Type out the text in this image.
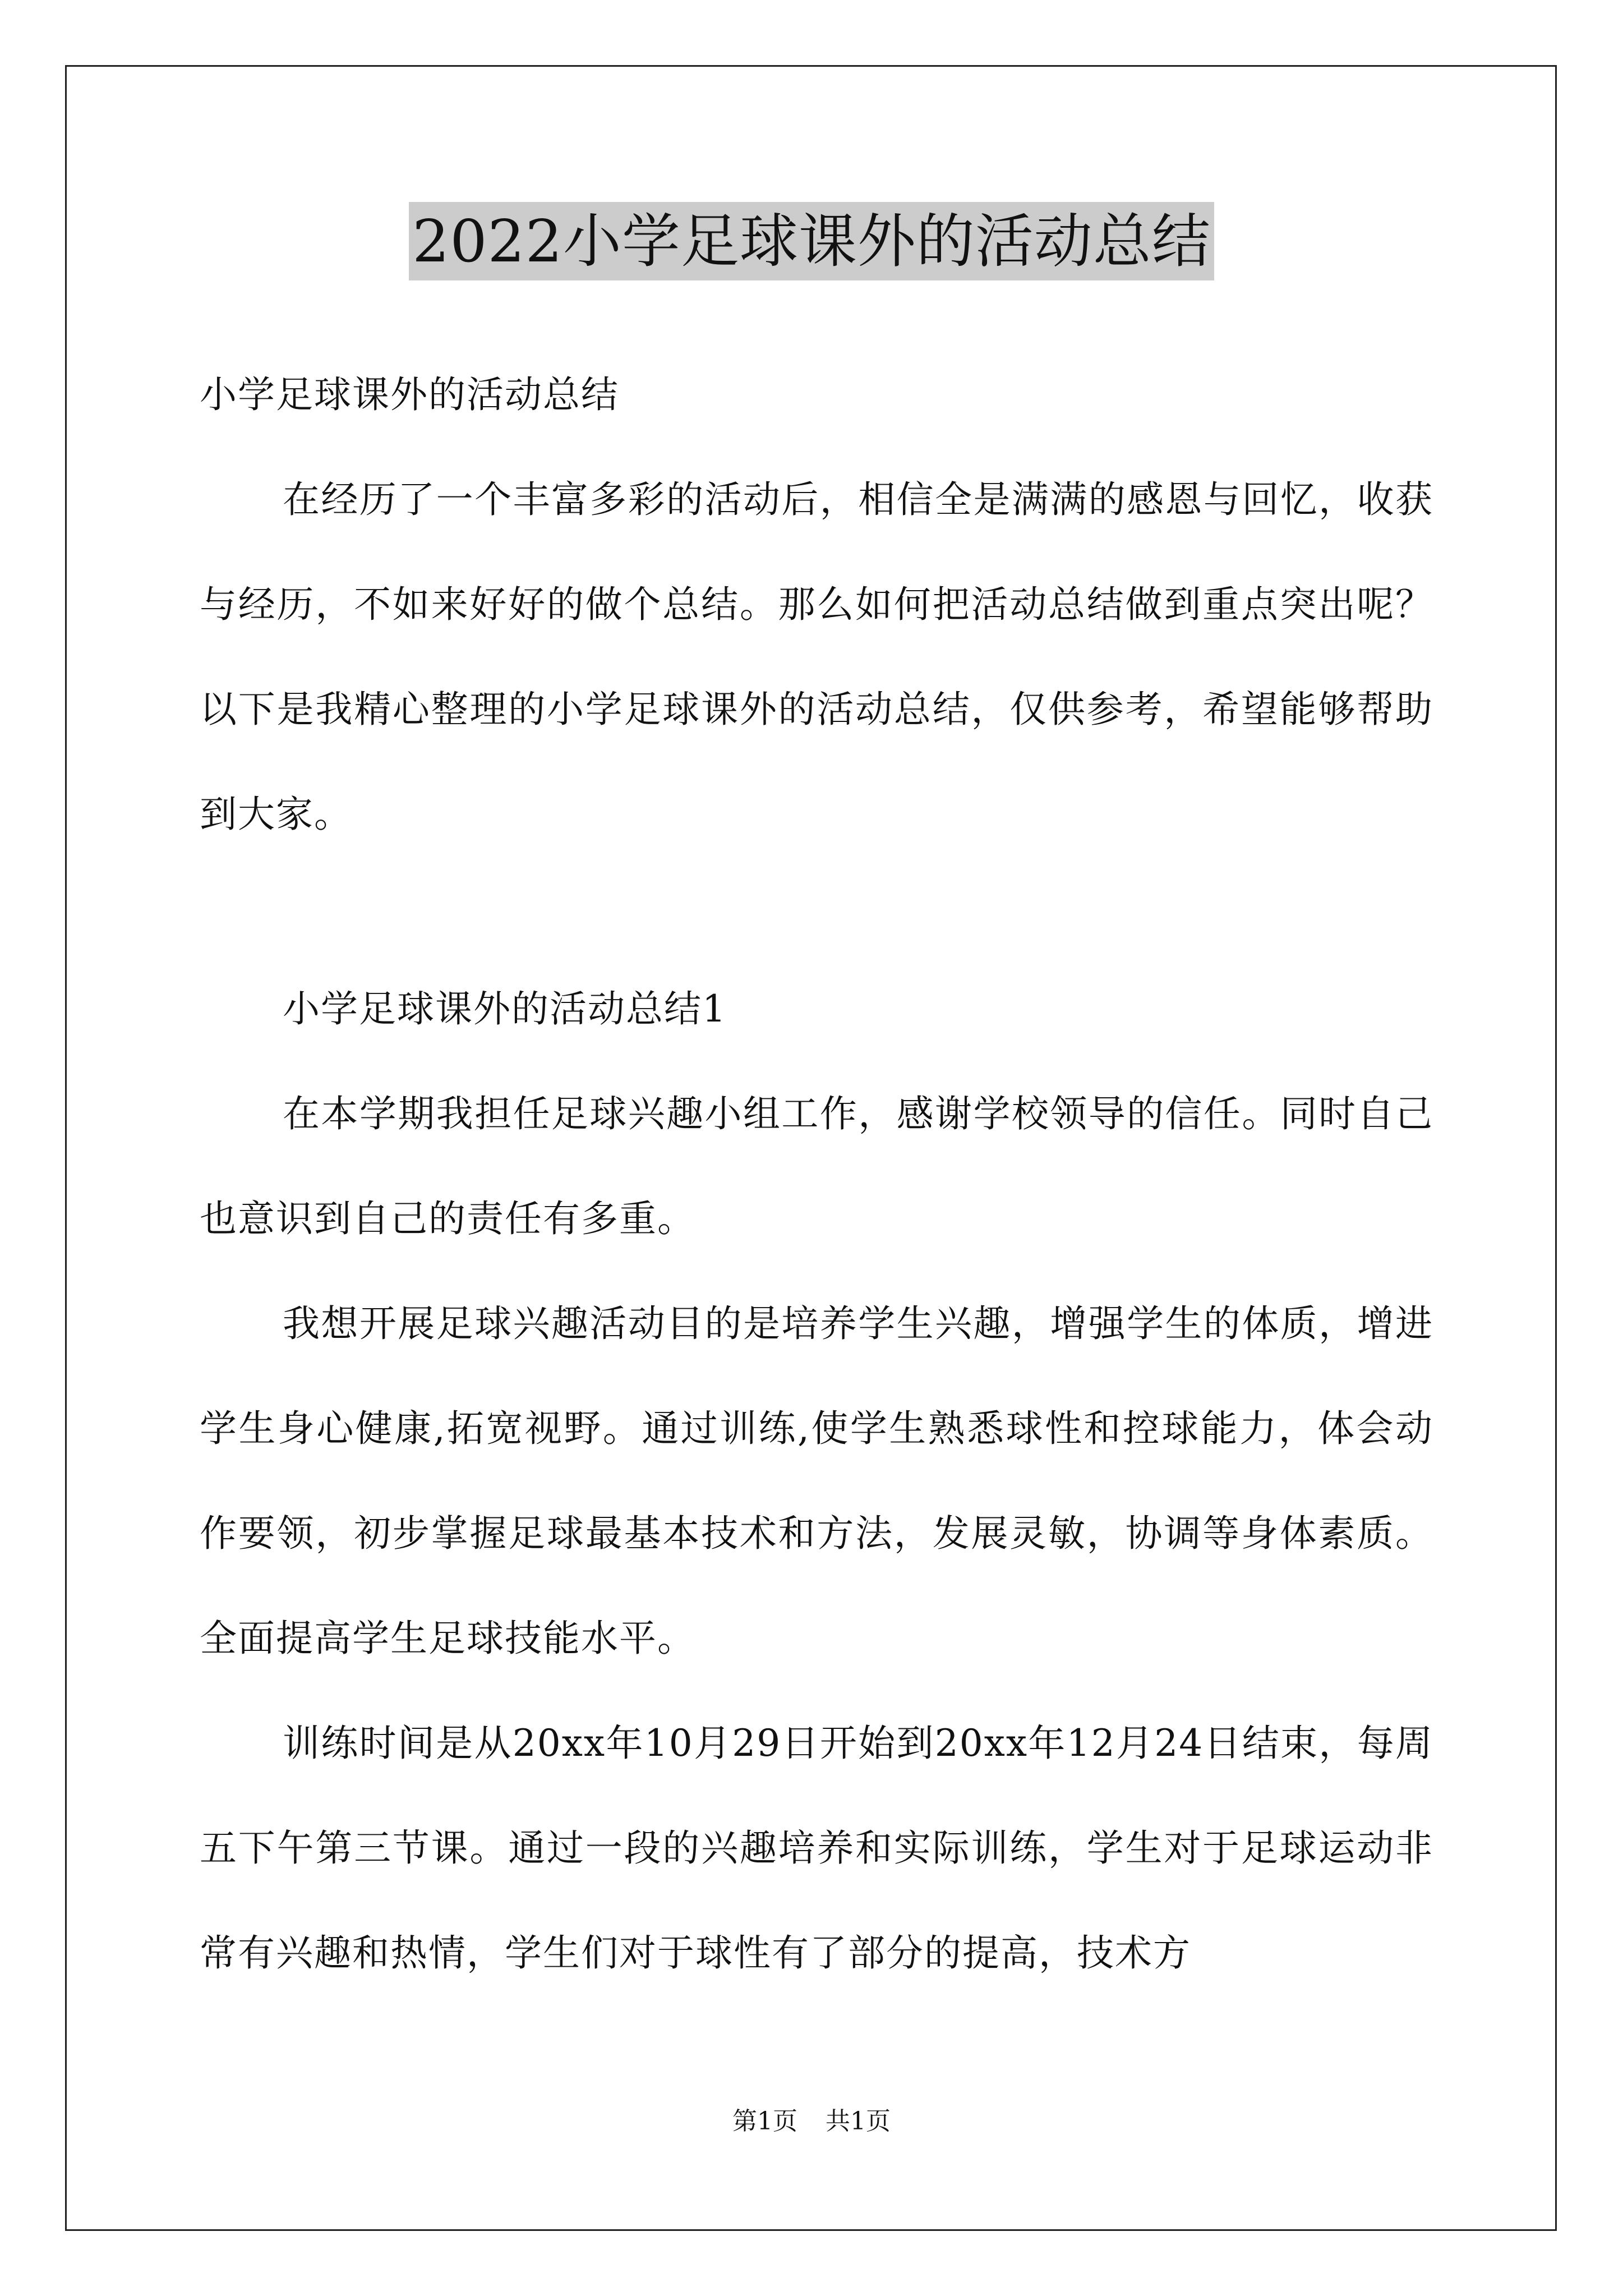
2022小学足球课外的活动总结

小学足球课外的活动总结

在经历了一个丰富多彩的活动后，相信全是满满的感恩与回忆，收获与经历，不如来好好的做个总结。那么如何把活动总结做到重点突出呢？以下是我精心整理的小学足球课外的活动总结，仅供参考，希望能够帮助到大家。

小学足球课外的活动总结1

在本学期我担任足球兴趣小组工作，感谢学校领导的信任。同时自己也意识到自己的责任有多重。

我想开展足球兴趣活动目的是培养学生兴趣，增强学生的体质，增进学生身心健康,拓宽视野。通过训练,使学生熟悉球性和控球能力，体会动作要领，初步掌握足球最基本技术和方法，发展灵敏，协调等身体素质。全面提高学生足球技能水平。

训练时间是从20xx年10月29日开始到20xx年12月24日结束，每周五下午第三节课。通过一段的兴趣培养和实际训练，学生对于足球运动非常有兴趣和热情，学生们对于球性有了部分的提高，技术方

第1页 共1页
